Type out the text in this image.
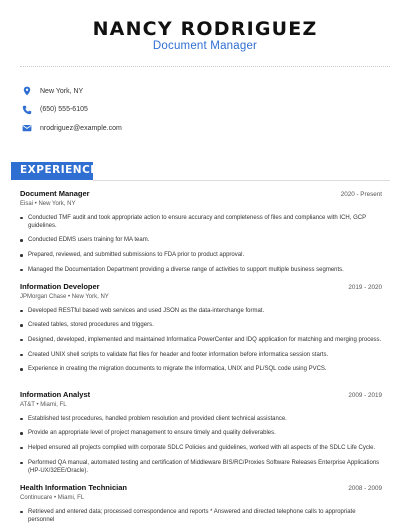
NANCY RODRIGUEZ
Document Manager
New York, NY
(650) 555-6105
nrodriguez@example.com
EXPERIENCE
Document Manager	2020 - Present
Eisai • New York, NY
Conducted TMF audit and took appropriate action to ensure accuracy and completeness of files and compliance with ICH, GCP guidelines.
Conducted EDMS users training for MA team.
Prepared, reviewed, and submitted submissions to FDA prior to product approval.
Managed the Documentation Department providing a diverse range of activities to support multiple business segments.
Information Developer	2019 - 2020
JPMorgan Chase • New York, NY
Developed RESTful based web services and used JSON as the data-interchange format.
Created tables, stored procedures and triggers.
Designed, developed, implemented and maintained Informatica PowerCenter and IDQ application for matching and merging process.
Created UNIX shell scripts to validate flat files for header and footer information before informatica session starts.
Experience in creating the migration documents to migrate the Informatica, UNIX and PL/SQL code using PVCS.
Information Analyst	2009 - 2019
AT&T • Miami, FL
Established test procedures, handled problem resolution and provided client technical assistance.
Provide an appropriate level of project management to ensure timely and quality deliverables.
Helped ensured all projects complied with corporate SDLC Policies and guidelines, worked with all aspects of the SDLC Life Cycle.
Performed QA manual, automated testing and certification of Middleware BIS/RC/Proxies Software Releases Enterprise Applications (HP-UX/32EE/Oracle).
Health Information Technician	2008 - 2009
Continucare • Miami, FL
Retrieved and entered data; processed correspondence and reports * Answered and directed telephone calls to appropriate personnel
